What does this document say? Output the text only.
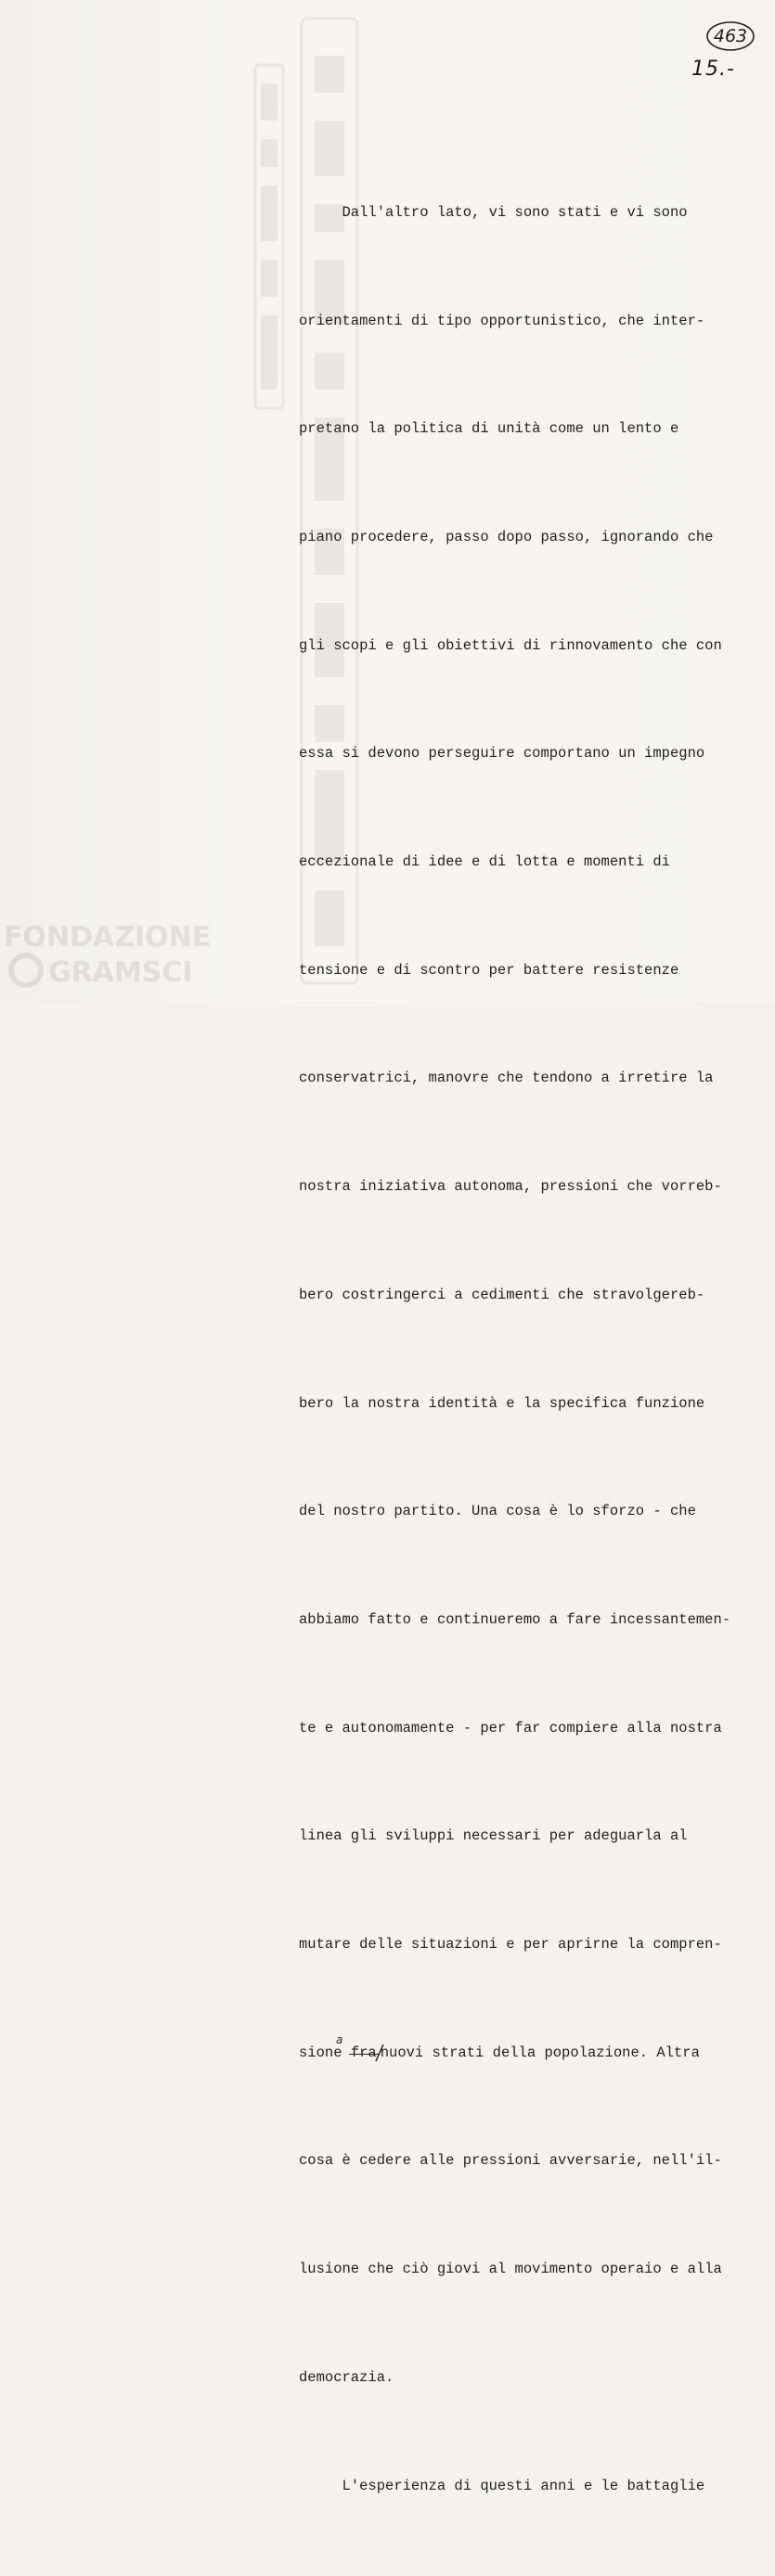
FONDAZIONE
GRAMSCI
463
15.-

Dall'altro lato, vi sono stati e vi sono

orientamenti di tipo opportunistico, che inter-

pretano la politica di unità come un lento e

piano procedere, passo dopo passo, ignorando che

gli scopi e gli obiettivi di rinnovamento che con

essa si devono perseguire comportano un impegno

eccezionale di idee e di lotta e momenti di

tensione e di scontro per battere resistenze

conservatrici, manovre che tendono a irretire la

nostra iniziativa autonoma, pressioni che vorreb-

bero costringerci a cedimenti che stravolgereb-

bero la nostra identità e la specifica funzione

del nostro partito. Una cosa è lo sforzo - che

abbiamo fatto e continueremo a fare incessantemen-

te e autonomamente - per far compiere alla nostra

linea gli sviluppi necessari per adeguarla al

mutare delle situazioni e per aprirne la compren-

sione fra
a
nuovi strati della popolazione. Altra

cosa è cedere alle pressioni avversarie, nell'il-

lusione che ciò giovi al movimento operaio e alla

democrazia.

L'esperienza di questi anni e le battaglie
